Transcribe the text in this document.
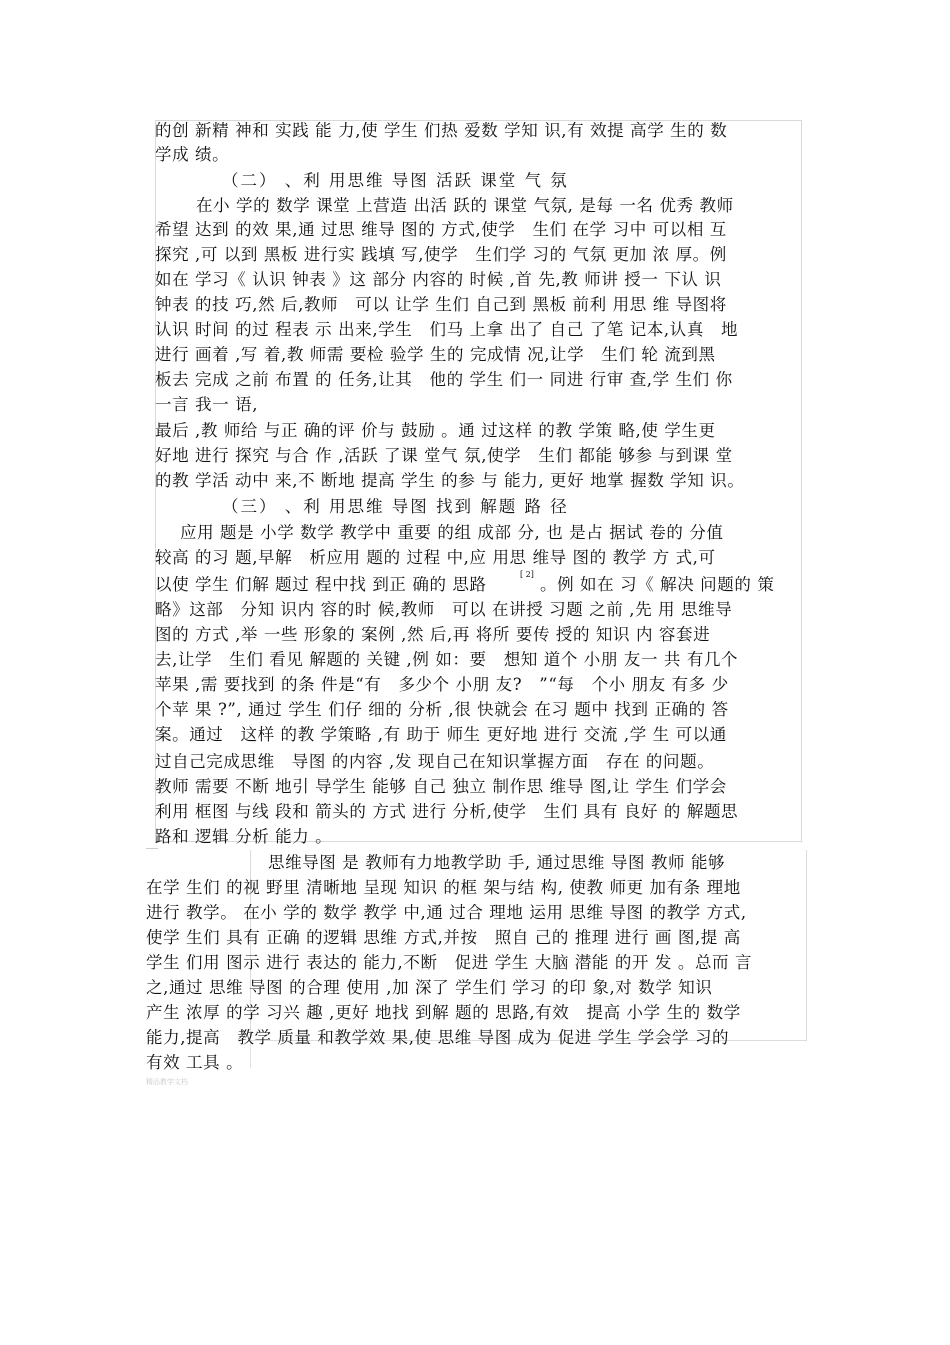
的创 新精 神和 实践 能 力,使 学生 们热 爱数 学知 识,有 效提 高学 生的 数
学成 绩。
（二） 、利 用思维 导图 活跃 课堂 气 氛
在小 学的 数学 课堂 上营造 出活 跃的 课堂 气氛, 是每 一名 优秀 教师
希望 达到 的效 果,通 过思 维导 图的 方式,使学　生们 在学 习中 可以相 互
探究 ,可 以到 黑板 进行实 践填 写,使学　生们学 习的 气氛 更加 浓 厚。例
如在 学习《 认识 钟表 》这 部分 内容的 时候 ,首 先,教 师讲 授一 下认 识
钟表 的技 巧,然 后,教师　可以 让学 生们 自己到 黑板 前利 用思 维 导图将
认识 时间 的过 程表 示 出来,学生　们马 上拿 出了 自己 了笔 记本,认真　地
进行 画着 ,写 着,教 师需 要检 验学 生的 完成情 况,让学　生们 轮 流到黑
板去 完成 之前 布置 的 任务,让其　他的 学生 们一 同进 行审 查,学 生们 你
一言 我一 语,
最后 ,教 师给 与正 确的评 价与 鼓励 。通 过这样 的教 学策 略,使 学生更
好地 进行 探究 与合 作 ,活跃 了课 堂气 氛,使学　生们 都能 够参 与到课 堂
的教 学活 动中 来,不 断地 提高 学生 的参 与 能力, 更好 地掌 握数 学知 识。
（三） 、利 用思维 导图 找到 解题 路 径
应用 题是 小学 数学 教学中 重要 的组 成部 分, 也 是占 据试 卷的 分值
较高 的习 题,早解　析应用 题的 过程 中,应 用思 维导 图的 教学 方 式,可
以使 学生 们解 题过 程中找 到正 确的 思路
[ 2]
。例 如在 习《 解决 问题的 策
略》这部　分知 识内 容的时 候,教师　可以 在讲授 习题 之前 ,先 用 思维导
图的 方式 ,举 一些 形象的 案例 ,然 后,再 将所 要传 授的 知识 内 容套进
去,让学　生们 看见 解题的 关键 ,例 如：要　想知 道个 小朋 友一 共 有几个
苹果 ,需 要找到 的条 件是“有　多少个 小朋 友?　”“每　个小 朋友 有多 少
个苹 果 ?”, 通过 学生 们仔 细的 分析 ,很 快就会 在习 题中 找到 正确的 答
案。通过　这样 的教 学策略 ,有 助于 师生 更好地 进行 交流 ,学 生 可以通
过自己完成思维　导图 的内容 ,发 现自己在知识掌握方面　存在 的问题。
教师 需要 不断 地引 导学生 能够 自己 独立 制作思 维导 图,让 学生 们学会
利用 框图 与线 段和 箭头的 方式 进行 分析,使学　生们 具有 良好 的 解题思
路和 逻辑 分析 能力 。
思维导图 是 教师有力地教学助 手, 通过思维 导图 教师 能够
在学 生们 的视 野里 清晰地 呈现 知识 的框 架与结 构, 使教 师更 加有条 理地
进行 教学。 在小 学的 数学 教学 中,通 过合 理地 运用 思维 导图 的教学 方式,
使学 生们 具有 正确 的逻辑 思维 方式,并按　照自 己的 推理 进行 画 图,提 高
学生 们用 图示 进行 表达的 能力,不断　促进 学生 大脑 潜能 的开 发 。总而 言
之,通过 思维 导图 的合理 使用 ,加 深了 学生们 学习 的印 象,对 数学 知识
产生 浓厚 的学 习兴 趣 ,更好 地找 到解 题的 思路,有效　提高 小学 生的 数学
能力,提高　教学 质量 和教学效 果,使 思维 导图 成为 促进 学生 学会学 习的
有效 工具 。
精品教学文档
